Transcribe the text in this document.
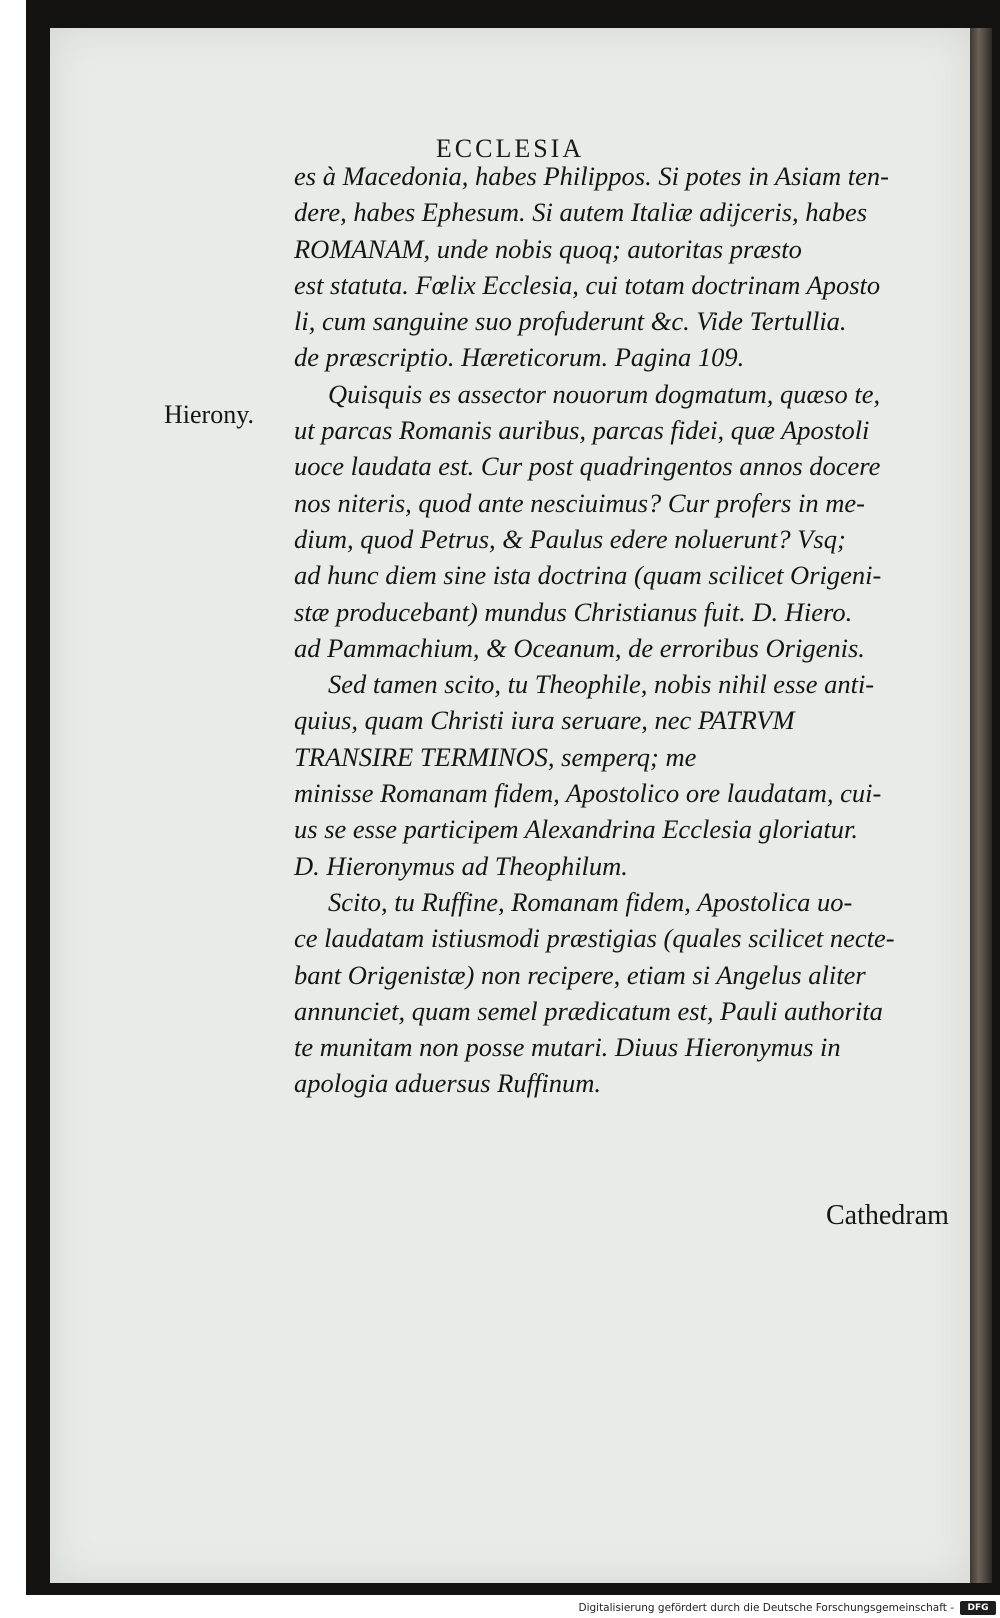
ECCLESIA
Hierony.
es à Macedonia, habes Philippos. Si potes in Asiam ten-
dere, habes Ephesum. Si autem Italiæ adijceris, habes
ROMANAM, unde nobis quoq; autoritas præsto
est statuta. Fœlix Ecclesia, cui totam doctrinam Aposto
li, cum sanguine suo profuderunt &c. Vide Tertullia.
de præscriptio. Hæreticorum. Pagina 109.
Quisquis es assector nouorum dogmatum, quæso te,
ut parcas Romanis auribus, parcas fidei, quæ Apostoli
uoce laudata est. Cur post quadringentos annos docere
nos niteris, quod ante nesciuimus? Cur profers in me-
dium, quod Petrus, & Paulus edere noluerunt? Vsq;
ad hunc diem sine ista doctrina (quam scilicet Origeni-
stæ producebant) mundus Christianus fuit. D. Hiero.
ad Pammachium, & Oceanum, de erroribus Origenis.
Sed tamen scito, tu Theophile, nobis nihil esse anti-
quius, quam Christi iura seruare, nec PATRVM
TRANSIRE TERMINOS, semperq; me
minisse Romanam fidem, Apostolico ore laudatam, cui-
us se esse participem Alexandrina Ecclesia gloriatur.
D. Hieronymus ad Theophilum.
Scito, tu Ruffine, Romanam fidem, Apostolica uo-
ce laudatam istiusmodi præstigias (quales scilicet necte-
bant Origenistæ) non recipere, etiam si Angelus aliter
annunciet, quam semel prædicatum est, Pauli authorita
te munitam non posse mutari. Diuus Hieronymus in
apologia aduersus Ruffinum.
Cathedram
Digitalisierung gefördert durch die Deutsche Forschungsgemeinschaft -	DFG
